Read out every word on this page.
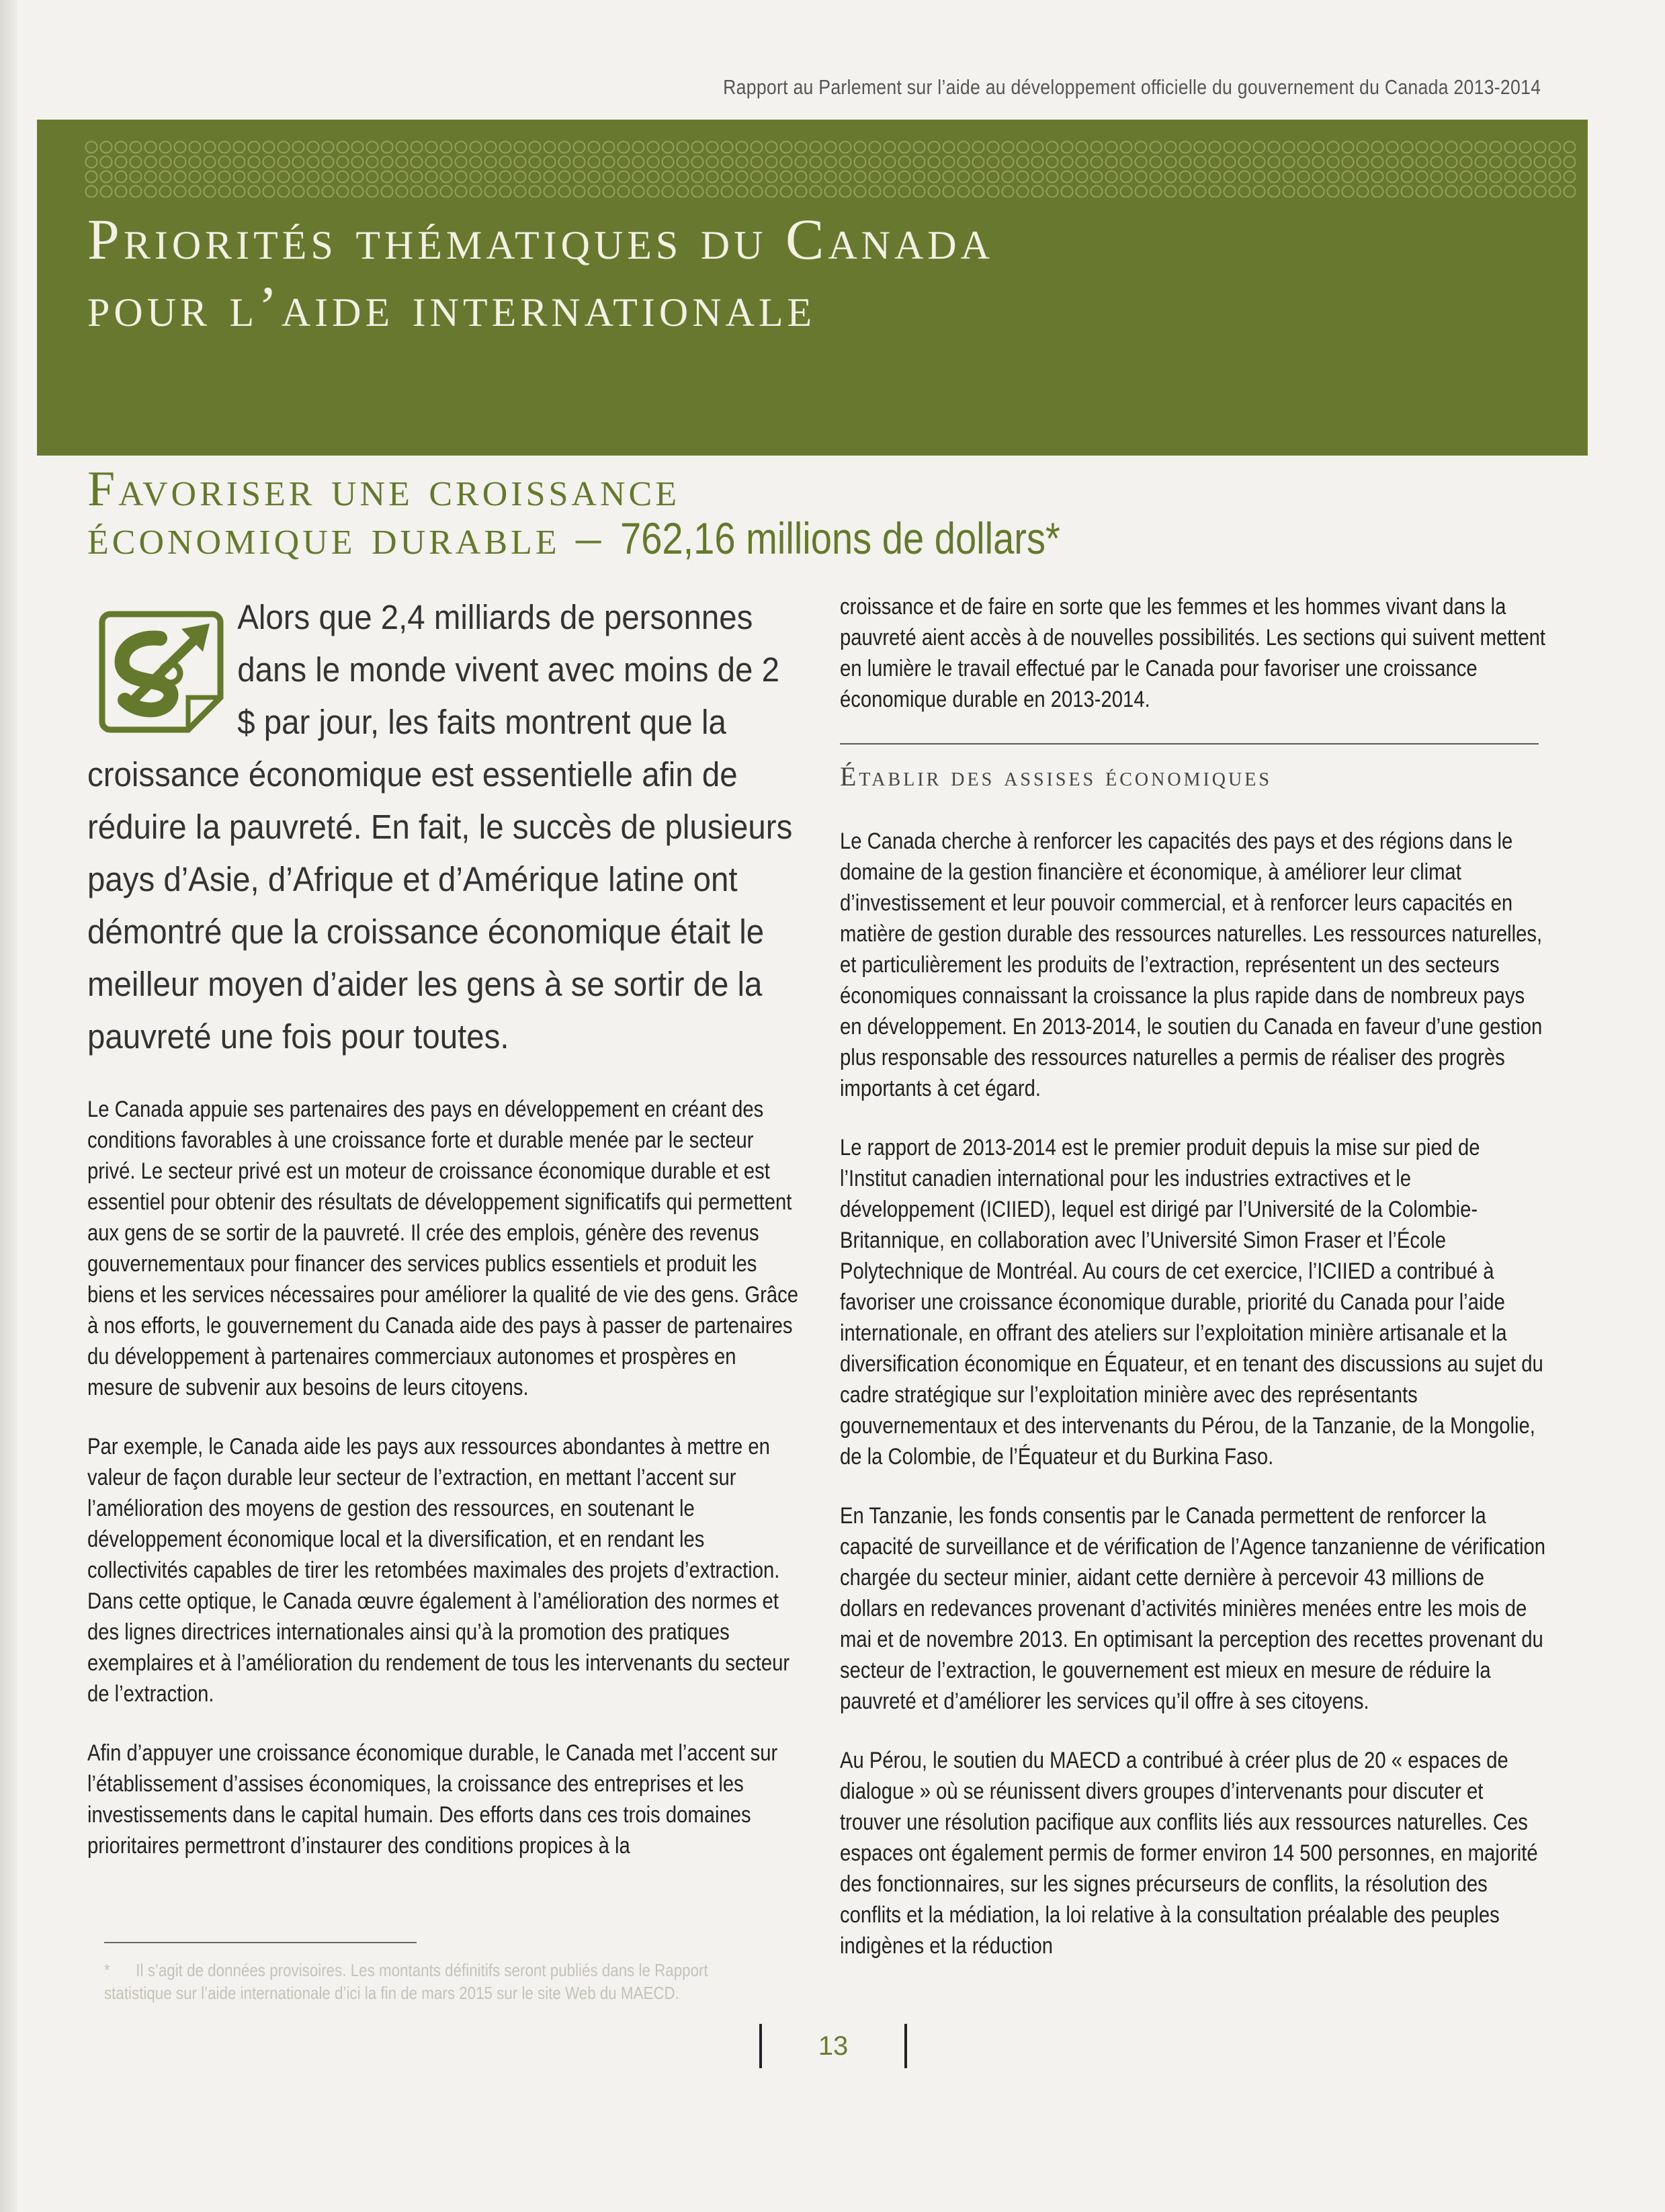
Rapport au Parlement sur l’aide au développement officielle du gouvernement du Canada 2013-2014
Priorités thématiques du Canada
pour l’aide internationale
Favoriser une croissance
économique durable – 762,16 millions de dollars*

Alors que 2,4 milliards de personnes dans le monde vivent avec moins de 2 $ par jour, les faits montrent que la croissance économique est essentielle afin de réduire la pauvreté. En fait, le succès de plusieurs pays d’Asie, d’Afrique et d’Amérique latine ont démontré que la croissance économique était le meilleur moyen d’aider les gens à se sortir de la pauvreté une fois pour toutes.

Le Canada appuie ses partenaires des pays en développement en créant des conditions favorables à une croissance forte et durable menée par le secteur privé. Le secteur privé est un moteur de croissance économique durable et est essentiel pour obtenir des résultats de développement significatifs qui permettent aux gens de se sortir de la pauvreté. Il crée des emplois, génère des revenus gouvernementaux pour financer des services publics essentiels et produit les biens et les services nécessaires pour améliorer la qualité de vie des gens. Grâce à nos efforts, le gouvernement du Canada aide des pays à passer de partenaires du développement à partenaires commerciaux autonomes et prospères en mesure de subvenir aux besoins de leurs citoyens.

Par exemple, le Canada aide les pays aux ressources abondantes à mettre en valeur de façon durable leur secteur de l’extraction, en mettant l’accent sur l’amélioration des moyens de gestion des ressources, en soutenant le développement économique local et la diversification, et en rendant les collectivités capables de tirer les retombées maximales des projets d’extraction. Dans cette optique, le Canada œuvre également à l’amélioration des normes et des lignes directrices internationales ainsi qu’à la promotion des pratiques exemplaires et à l’amélioration du rendement de tous les intervenants du secteur de l’extraction.

Afin d’appuyer une croissance économique durable, le Canada met l’accent sur l’établissement d’assises économiques, la croissance des entreprises et les investissements dans le capital humain. Des efforts dans ces trois domaines prioritaires permettront d’instaurer des conditions propices à la

croissance et de faire en sorte que les femmes et les hommes vivant dans la pauvreté aient accès à de nouvelles possibilités. Les sections qui suivent mettent en lumière le travail effectué par le Canada pour favoriser une croissance économique durable en 2013-2014.

Établir des assises économiques

Le Canada cherche à renforcer les capacités des pays et des régions dans le domaine de la gestion financière et économique, à améliorer leur climat d’investissement et leur pouvoir commercial, et à renforcer leurs capacités en matière de gestion durable des ressources naturelles. Les ressources naturelles, et particulièrement les produits de l’extraction, représentent un des secteurs économiques connaissant la croissance la plus rapide dans de nombreux pays en développement. En 2013-2014, le soutien du Canada en faveur d’une gestion plus responsable des ressources naturelles a permis de réaliser des progrès importants à cet égard.

Le rapport de 2013-2014 est le premier produit depuis la mise sur pied de l’Institut canadien international pour les industries extractives et le développement (ICIIED), lequel est dirigé par l’Université de la Colombie-Britannique, en collaboration avec l’Université Simon Fraser et l’École Polytechnique de Montréal. Au cours de cet exercice, l’ICIIED a contribué à favoriser une croissance économique durable, priorité du Canada pour l’aide internationale, en offrant des ateliers sur l’exploitation minière artisanale et la diversification économique en Équateur, et en tenant des discussions au sujet du cadre stratégique sur l’exploitation minière avec des représentants gouvernementaux et des intervenants du Pérou, de la Tanzanie, de la Mongolie, de la Colombie, de l’Équateur et du Burkina Faso.

En Tanzanie, les fonds consentis par le Canada permettent de renforcer la capacité de surveillance et de vérification de l’Agence tanzanienne de vérification chargée du secteur minier, aidant cette dernière à percevoir 43 millions de dollars en redevances provenant d’activités minières menées entre les mois de mai et de novembre 2013. En optimisant la perception des recettes provenant du secteur de l’extraction, le gouvernement est mieux en mesure de réduire la pauvreté et d’améliorer les services qu’il offre à ses citoyens.

Au Pérou, le soutien du MAECD a contribué à créer plus de 20 « espaces de dialogue » où se réunissent divers groupes d’intervenants pour discuter et trouver une résolution pacifique aux conflits liés aux ressources naturelles. Ces espaces ont également permis de former environ 14 500 personnes, en majorité des fonctionnaires, sur les signes précurseurs de conflits, la résolution des conflits et la médiation, la loi relative à la consultation préalable des peuples indigènes et la réduction

* Il s’agit de données provisoires. Les montants définitifs seront publiés dans le Rapport statistique sur l’aide internationale d’ici la fin de mars 2015 sur le site Web du MAECD.
13
